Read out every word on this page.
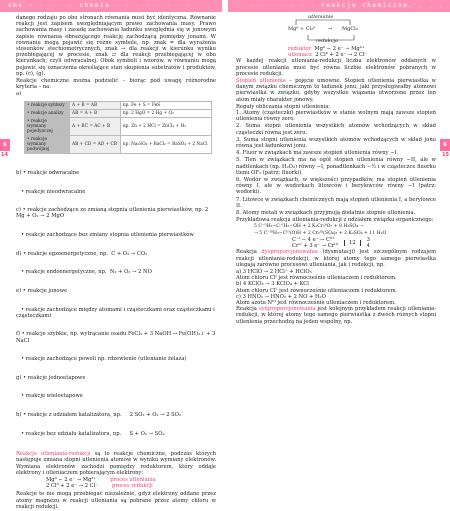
sms · · · · · chemia · · · · · · · ·	· · · · · · · reakcje chemiczne. . . .
6	6
14	15

danego rodzaju po obu stronach równania musi być identyczna. Równanie reakcji jest zapisem uwzględniającym prawo zachowania masy. Prawo zachowania masy i zasadę zachowania ładunku uwzględnia się w jonowym zapisie równania obrazującego reakcję zachodzącą pomiędzy jonami. W równaniu mogą pojawić się różne symbole, np. znak = dla wyrażenia stosunków stechiometrycznych, znak → dla reakcji w kierunku wyniku przebiegającej w procesie, znak ⇄ dla reakcji przebiegającej w obu kierunkach, czyli odwracalnej. Obok symboli i wzorów, w równaniu mogą pojawić się oznaczenia określające stan skupienia substratów i produktów, np. (c), (g).

Reakcje chemiczne można podzielić – biorąc pod uwagę różnorodne kryteria – na:

a)
• reakcje syntezy	A + B = AB	np. Fe + S = FeS
• reakcje analizy	AB = A + B	np. 2 HgO = 2 Hg + O₂
• reakcje wymiany pojedynczej	A + BC = AC + B	np. Zn + 2 HCl = ZnCl₂ + H₂
• reakcje wymiany podwójnej	AB + CD = AD + CB	np. Na₂SO₄ + BaCl₂ = BaSO₄ + 2 NaCl

b) • reakcje odwracalne

• reakcje nieodwracalne

c) • reakcje zachodzące ze zmianą stopnia utlenienia pierwiastków, np. 2 Mg + O₂ → 2 MgO

• reakcje zachodzące bez zmiany stopnia utlenienia pierwiastków

d) • reakcje egzoenergetyczne, np.  C + O₂ → CO₂

• reakcje endoenergetyczne, np.  N₂ + O₂ → 2 NO

e) • reakcje jonowe

• reakcje zachodzące między atomami i cząsteczkami oraz cząsteczkami i cząsteczkami

f) • reakcje szybkie, np. wytrącanie osadu FeCl₃ + 3 NaOH → Fe(OH)₃↓ + 3 NaCl

• reakcje zachodzące powoli np. rdzewienie (utlenianie żelaza)

g) • reakcje jednoetapowe

• reakcje wieloetapowe

h) • reakcje z udziałem katalizatora, np.     2 SO₂ + O₂ → 2 SO₃

• reakcje bez udziału katalizatora, np.     S + O₂ → SO₂

Reakcje utleniania-redukcji są to reakcje chemiczne, podczas których następuje zmiana stopni utlenienia atomów w wyniku wymiany elektronów. Wymiana elektronów zachodzi pomiędzy reduktorem, który oddaje elektrony i utleniaczem pobierającym elektrony:

Mg⁰ − 2 e⁻ → Mg²⁺	proces utleniania
2 Cl⁰ + 2 e⁻ → 2 Cl⁻	proces redukcji

Reakcje te nie mogą przebiegać niezależnie, gdyż elektrony oddane przez atomy magnezu w reakcji utleniania są pobrane przez atomy chloru w reakcji redukcji.

utlenianie
Mg⁰ + Cl₂⁰	→ MgCl₂
redukcja
reduktor Mg⁰ − 2 e⁻ → Mg²⁺
utleniacz 2 Cl⁰ + 2 e⁻ → 2 Cl⁻

W każdej reakcji utleniania-redukcji liczba elektronów oddanych w procesie utleniania musi być równa liczbie elektronów pobranych w procesie redukcji.

Stopień utlenienia – pojęcie umowne. Stopień utlenienia pierwiastka w danym związku chemicznym to ładunek jonu, jaki przysługiwałby atomowi pierwiastka w związku, gdyby wszystkie wiązania utworzone przez ten atom miały charakter jonowy.

Reguły obliczania stopni utlenienia:

1. Atomy (cząsteczki) pierwiastków w stanie wolnym mają zawsze stopień utlenienia równy zero.

2. Suma stopni utlenienia wszystkich atomów wchodzących w skład cząsteczki równa jest zeru.

3. Suma stopni utlenienia wszystkich atomów wchodzących w skład jonu równa jest ładunkowi jonu.

4. Fluor w związkach ma zawsze stopień utlenienia równy −I.

5. Tlen w związkach ma na ogół stopień utlenienia równy −II, ale w nadtlenkach (np. H₂O₂) równy −I, ponadtlenkach −½ i w cząsteczce fluorku tlenu OF₂ (patrz: fluorki).

6. Wodór w związkach, w większości przypadków, ma stopień utlenienia równy I, ale w wodorkach litowców i berylowców równy −I (patrz: wodorki).

7. Litowce w związkach chemicznych mają stopień utlenienia I, a berylowce II.

8. Atomy metali w związkach przyjmują dodatnie stopnie utlenienia.

Przykładowa reakcja utleniania-redukcji z udziałem związku organicznego:

5 C⁻ᴵᴵH₃−C⁻ᴵH₂−OH + 2 K₂Cr₂⁶O₇ + 8 H₂SO₄ →
→ 5 C⁻ᴵᴵᴵH₃−Cᴵᴵᴵ(O)H + 2 Cr₂ᴵᴵᴵ(SO₄)₃ + 2 K₂SO₄ + 11 H₂O
C⁻ᴵ − 4 e⁻ → Cᴵᴵᴵ
Crᵛᴵ + 3 e⁻ → Crᴵᴵᴵ
12
3
4

Reakcja dysproporcjonowania (dysmutacji) jest szczególnym rodzajem reakcji utleniania-redukcji, w której atomy tego samego pierwiastka ulegają zarówno procesowi utleniania, jak i redukcji, np.

a) 3 HClO → 2 HCl⁻ + HClO₃
Atom chloru Clᴵ jest równocześnie utleniaczem i reduktorem.
b) 4 KClO₃ → 3 KClO₄ + KCl
Atom chloru Clᵛ jest równocześnie utleniaczem i reduktorem.
c) 3 HNO₂ → HNO₃ + 2 NO + H₂O
Atom azotu Nᴵᴵᴵ jest równocześnie utleniaczem i reduktorem.

Reakcja synproporcjonowania jest kolejnym przykładem reakcji utleniania-redukcji, w której atomy tego samego pierwiastka z dwóch różnych stopni utlenienia przechodzą na jeden wspólny, np.
